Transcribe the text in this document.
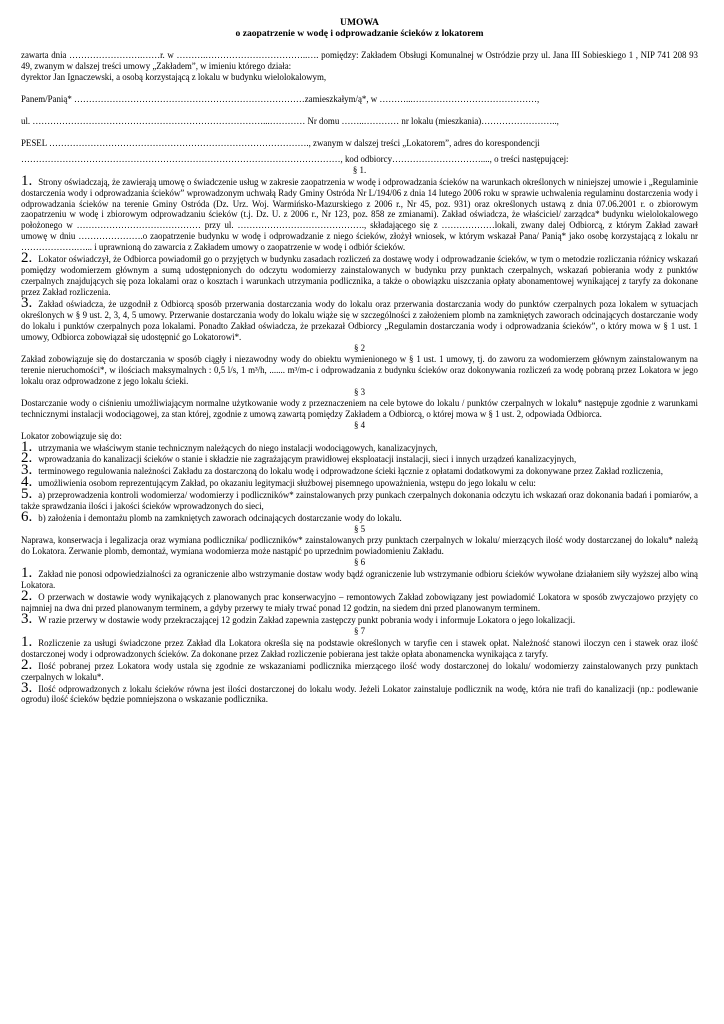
UMOWA
o zaopatrzenie w wodę i odprowadzanie ścieków z lokatorem

zawarta dnia …………………….……r. w ……….……………………………..…. pomiędzy: Zakładem Obsługi Komunalnej w Ostródzie przy ul. Jana III Sobieskiego 1 , NIP 741 208 93 49, zwanym w dalszej treści umowy „Zakładem”, w imieniu którego działa:

dyrektor Jan Ignaczewski, a osobą korzystającą z lokalu w budynku wielolokalowym,

Panem/Panią* ……………………………………………………………………zamieszkałym/ą*, w ………...……………………………………,
ul. ……………………………………………………………………...………… Nr domu ……..………… nr lokalu (mieszkania)……………………..,
PESEL ……………………………………………………………………………., zwanym w dalszej treści „Lokatorem”, adres do korespondencji
………………………………………………………………………………………………, kod odbiorcy…………………………...., o treści następującej:
§ 1.

1. Strony oświadczają, że zawierają umowę o świadczenie usług w zakresie zaopatrzenia w wodę i odprowadzania ścieków na warunkach określonych w niniejszej umowie i „Regulaminie dostarczenia wody i odprowadzania ścieków” wprowadzonym uchwałą Rady Gminy Ostróda Nr L/194/06 z dnia 14 lutego 2006 roku w sprawie uchwalenia regulaminu dostarczenia wody i odprowadzania ścieków na terenie Gminy Ostróda (Dz. Urz. Woj. Warmińsko-Mazurskiego z 2006 r., Nr 45, poz. 931) oraz określonych ustawą z dnia 07.06.2001 r. o zbiorowym zaopatrzeniu w wodę i zbiorowym odprowadzaniu ścieków (t.j. Dz. U. z 2006 r., Nr 123, poz. 858 ze zmianami). Zakład oświadcza, że właściciel/ zarządca* budynku wielolokalowego położonego w …………………………………… przy ul. ……………………………………., składającego się z ………………lokali, zwany dalej Odbiorcą, z którym Zakład zawarł umowę w dniu ………………….o zaopatrzenie budynku w wodę i odprowadzanie z niego ścieków, złożył wniosek, w którym wskazał Pana/ Panią* jako osobę korzystającą z lokalu nr ……………….…... i uprawnioną do zawarcia z Zakładem umowy o zaopatrzenie w wodę i odbiór ścieków.

2. Lokator oświadczył, że Odbiorca powiadomił go o przyjętych w budynku zasadach rozliczeń za dostawę wody i odprowadzanie ścieków, w tym o metodzie rozliczania różnicy wskazań pomiędzy wodomierzem głównym a sumą udostępnionych do odczytu wodomierzy zainstalowanych w budynku przy punktach czerpalnych, wskazań pobierania wody z punktów czerpalnych znajdujących się poza lokalami oraz o kosztach i warunkach utrzymania podlicznika, a także o obowiązku uiszczania opłaty abonamentowej wynikającej z taryfy za dokonane przez Zakład rozliczenia.

3. Zakład oświadcza, że uzgodnił z Odbiorcą sposób przerwania dostarczania wody do lokalu oraz przerwania dostarczania wody do punktów czerpalnych poza lokalem w sytuacjach określonych w § 9 ust. 2, 3, 4, 5 umowy. Przerwanie dostarczania wody do lokalu wiąże się w szczególności z założeniem plomb na zamkniętych zaworach odcinających dostarczanie wody do lokalu i punktów czerpalnych poza lokalami. Ponadto Zakład oświadcza, że przekazał Odbiorcy „Regulamin dostarczania wody i odprowadzania ścieków”, o który mowa w § 1 ust. 1 umowy, Odbiorca zobowiązał się udostępnić go Lokatorowi*.

§ 2

Zakład zobowiązuje się do dostarczania w sposób ciągły i niezawodny wody do obiektu wymienionego w § 1 ust. 1 umowy, tj. do zaworu za wodomierzem głównym zainstalowanym na terenie nieruchomości*, w ilościach maksymalnych : 0,5 l/s, 1 m³/h, ....... m³/m-c i odprowadzania z budynku ścieków oraz dokonywania rozliczeń za wodę pobraną przez Lokatora w jego lokalu oraz odprowadzone z jego lokalu ścieki.

§ 3

Dostarczanie wody o ciśnieniu umożliwiającym normalne użytkowanie wody z przeznaczeniem na cele bytowe do lokalu / punktów czerpalnych w lokalu* następuje zgodnie z warunkami technicznymi instalacji wodociągowej, za stan której, zgodnie z umową zawartą pomiędzy Zakładem a Odbiorcą, o której mowa w § 1 ust. 2, odpowiada Odbiorca.

§ 4

Lokator zobowiązuje się do:

1. utrzymania we właściwym stanie technicznym należących do niego instalacji wodociągowych, kanalizacyjnych,

2. wprowadzania do kanalizacji ścieków o stanie i składzie nie zagrażającym prawidłowej eksploatacji instalacji, sieci i innych urządzeń kanalizacyjnych,

3. terminowego regulowania należności Zakładu za dostarczoną do lokalu wodę i odprowadzone ścieki łącznie z opłatami dodatkowymi za dokonywane przez Zakład rozliczenia,

4. umożliwienia osobom reprezentującym Zakład, po okazaniu legitymacji służbowej pisemnego upoważnienia, wstępu do jego lokalu w celu:

5. a) przeprowadzenia kontroli wodomierza/ wodomierzy i podliczników* zainstalowanych przy punkach czerpalnych dokonania odczytu ich wskazań oraz dokonania badań i pomiarów, a także sprawdzania ilości i jakości ścieków wprowadzonych do sieci,

6. b) założenia i demontażu plomb na zamkniętych zaworach odcinających dostarczanie wody do lokalu.

§ 5

Naprawa, konserwacja i legalizacja oraz wymiana podlicznika/ podliczników* zainstalowanych przy punktach czerpalnych w lokalu/ mierzących ilość wody dostarczanej do lokalu* należą do Lokatora. Zerwanie plomb, demontaż, wymiana wodomierza może nastąpić po uprzednim powiadomieniu Zakładu.

§ 6

1. Zakład nie ponosi odpowiedzialności za ograniczenie albo wstrzymanie dostaw wody bądź ograniczenie lub wstrzymanie odbioru ścieków wywołane działaniem siły wyższej albo winą Lokatora.

2. O przerwach w dostawie wody wynikających z planowanych prac konserwacyjno – remontowych Zakład zobowiązany jest powiadomić Lokatora w sposób zwyczajowo przyjęty co najmniej na dwa dni przed planowanym terminem, a gdyby przerwy te miały trwać ponad 12 godzin, na siedem dni przed planowanym terminem.

3. W razie przerwy w dostawie wody przekraczającej 12 godzin Zakład zapewnia zastępczy punkt pobrania wody i informuje Lokatora o jego lokalizacji.

§ 7

1. Rozliczenie za usługi świadczone przez Zakład dla Lokatora określa się na podstawie określonych w taryfie cen i stawek opłat. Należność stanowi iloczyn cen i stawek oraz ilość dostarczonej wody i odprowadzonych ścieków. Za dokonane przez Zakład rozliczenie pobierana jest także opłata abonamencka wynikająca z taryfy.

2. Ilość pobranej przez Lokatora wody ustala się zgodnie ze wskazaniami podlicznika mierzącego ilość wody dostarczonej do lokalu/ wodomierzy zainstalowanych przy punktach czerpalnych w lokalu*.

3. Ilość odprowadzonych z lokalu ścieków równa jest ilości dostarczonej do lokalu wody. Jeżeli Lokator zainstaluje podlicznik na wodę, która nie trafi do kanalizacji (np.: podlewanie ogrodu) ilość ścieków będzie pomniejszona o wskazanie podlicznika.
